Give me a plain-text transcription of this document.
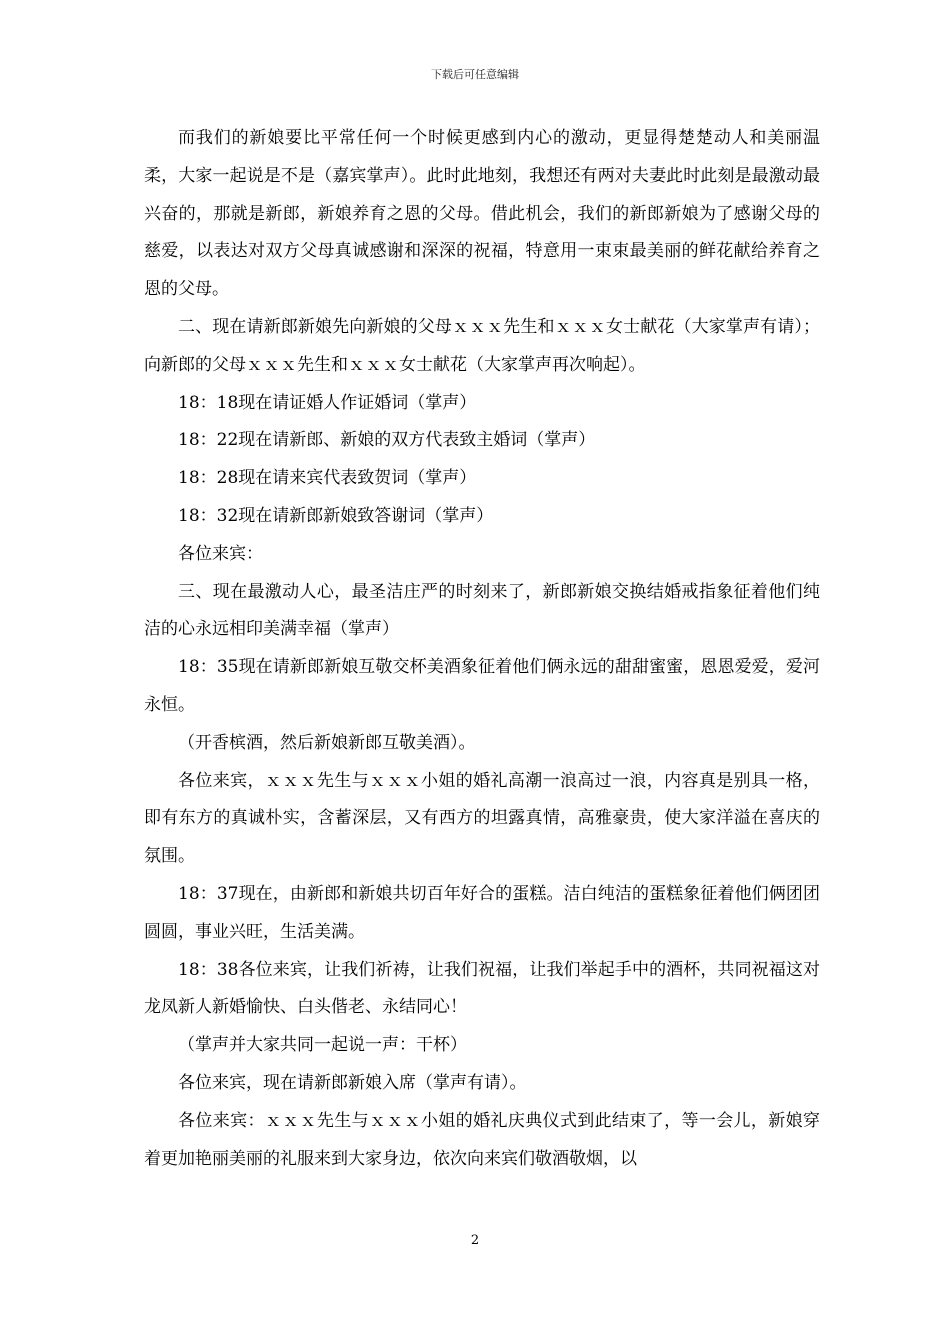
下载后可任意编辑

而我们的新娘要比平常任何一个时候更感到内心的激动，更显得楚楚动人和美丽温柔，大家一起说是不是（嘉宾掌声）。此时此地刻，我想还有两对夫妻此时此刻是最激动最兴奋的，那就是新郎，新娘养育之恩的父母。借此机会，我们的新郎新娘为了感谢父母的慈爱，以表达对双方父母真诚感谢和深深的祝福，特意用一束束最美丽的鲜花献给养育之恩的父母。

二、现在请新郎新娘先向新娘的父母ｘｘｘ先生和ｘｘｘ女士献花（大家掌声有请）；向新郎的父母ｘｘｘ先生和ｘｘｘ女士献花（大家掌声再次响起）。

18：18现在请证婚人作证婚词（掌声）

18：22现在请新郎、新娘的双方代表致主婚词（掌声）

18：28现在请来宾代表致贺词（掌声）

18：32现在请新郎新娘致答谢词（掌声）

各位来宾：

三、现在最激动人心，最圣洁庄严的时刻来了，新郎新娘交换结婚戒指象征着他们纯洁的心永远相印美满幸福（掌声）

18：35现在请新郎新娘互敬交杯美酒象征着他们俩永远的甜甜蜜蜜，恩恩爱爱，爱河永恒。

（开香槟酒，然后新娘新郎互敬美酒）。

各位来宾，ｘｘｘ先生与ｘｘｘ小姐的婚礼高潮一浪高过一浪，内容真是别具一格，即有东方的真诚朴实，含蓄深层，又有西方的坦露真情，高雅豪贵，使大家洋溢在喜庆的氛围。

18：37现在，由新郎和新娘共切百年好合的蛋糕。洁白纯洁的蛋糕象征着他们俩团团圆圆，事业兴旺，生活美满。

18：38各位来宾，让我们祈祷，让我们祝福，让我们举起手中的酒杯，共同祝福这对龙凤新人新婚愉快、白头偕老、永结同心！

（掌声并大家共同一起说一声：干杯）

各位来宾，现在请新郎新娘入席（掌声有请）。

各位来宾：ｘｘｘ先生与ｘｘｘ小姐的婚礼庆典仪式到此结束了，等一会儿，新娘穿着更加艳丽美丽的礼服来到大家身边，依次向来宾们敬酒敬烟，以

2
